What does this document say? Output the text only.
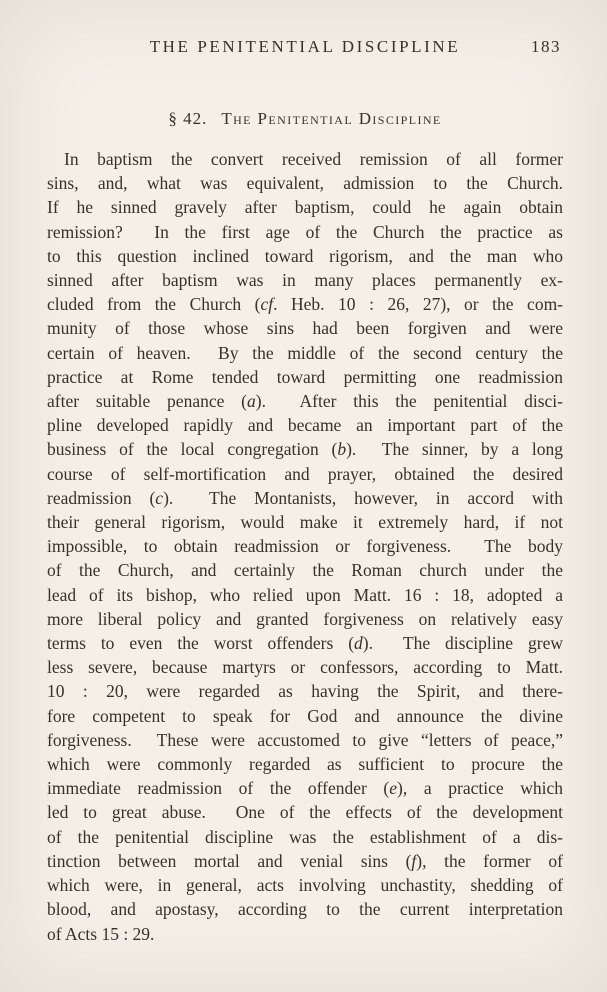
THE PENITENTIAL DISCIPLINE	183
§ 42. The Penitential Discipline
In baptism the convert received remission of all former
sins, and, what was equivalent, admission to the Church.
If he sinned gravely after baptism, could he again obtain
remission?  In the first age of the Church the practice as
to this question inclined toward rigorism, and the man who
sinned after baptism was in many places permanently ex-
cluded from the Church (cf. Heb. 10 : 26, 27), or the com-
munity of those whose sins had been forgiven and were
certain of heaven.  By the middle of the second century the
practice at Rome tended toward permitting one readmission
after suitable penance (a).  After this the penitential disci-
pline developed rapidly and became an important part of the
business of the local congregation (b).  The sinner, by a long
course of self-mortification and prayer, obtained the desired
readmission (c).  The Montanists, however, in accord with
their general rigorism, would make it extremely hard, if not
impossible, to obtain readmission or forgiveness.  The body
of the Church, and certainly the Roman church under the
lead of its bishop, who relied upon Matt. 16 : 18, adopted a
more liberal policy and granted forgiveness on relatively easy
terms to even the worst offenders (d).  The discipline grew
less severe, because martyrs or confessors, according to Matt.
10 : 20, were regarded as having the Spirit, and there-
fore competent to speak for God and announce the divine
forgiveness.  These were accustomed to give “letters of peace,”
which were commonly regarded as sufficient to procure the
immediate readmission of the offender (e), a practice which
led to great abuse.  One of the effects of the development
of the penitential discipline was the establishment of a dis-
tinction between mortal and venial sins (f), the former of
which were, in general, acts involving unchastity, shedding of
blood, and apostasy, according to the current interpretation
of Acts 15 : 29.
